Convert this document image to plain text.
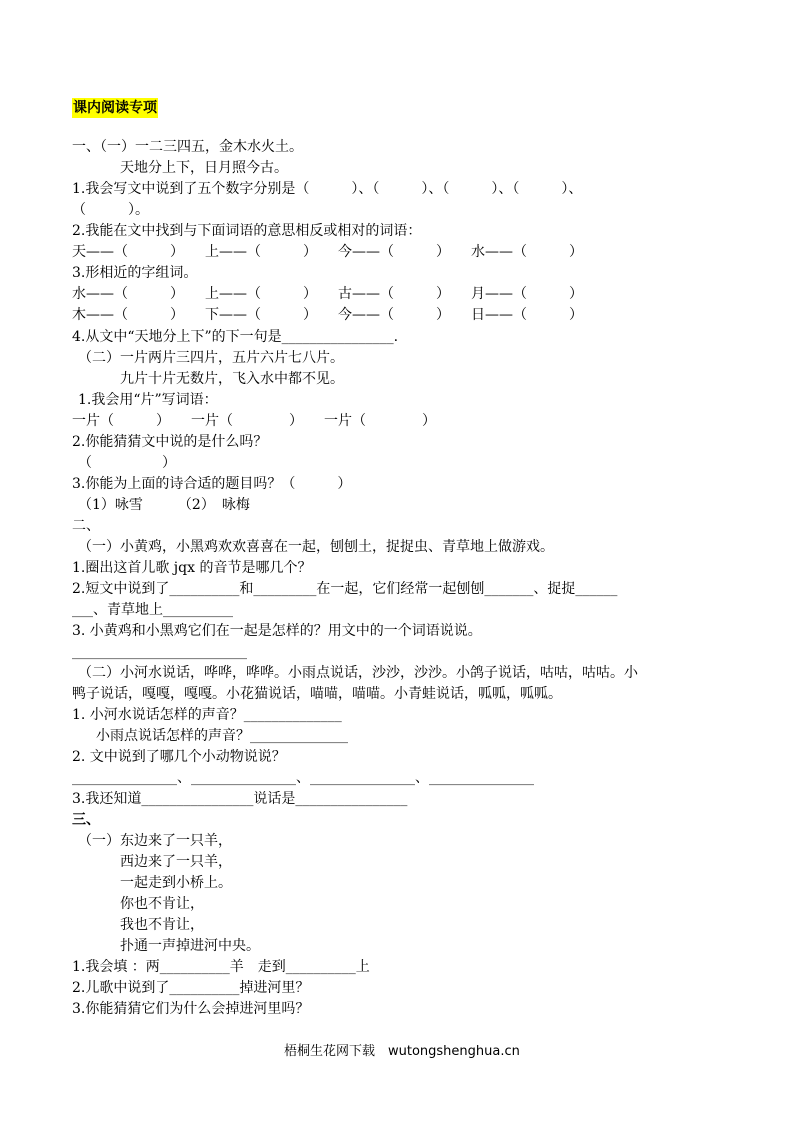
课内阅读专项
一、（一）一二三四五，金木水火土。
天地分上下，日月照今古。
1.我会写文中说到了五个数字分别是（　　　）、（　　　）、（　　　）、（　　　）、
（　　　）。
2.我能在文中找到与下面词语的意思相反或相对的词语：
天——（　　　）　　上——（　　　）　　今——（　　　）　　水——（　　　）
3.形相近的字组词。
水——（　　　）　　上——（　　　）　　古——（　　　）　　月——（　　　）
木——（　　　）　　下——（　　　）　　今——（　　　）　　日——（　　　）
4.从文中“天地分上下”的下一句是________________.
（二）一片两片三四片，五片六片七八片。
九片十片无数片，飞入水中都不见。
1.我会用“片”写词语：
一片（　　　）　　一片（　　　　）　　一片（　　　　）
2.你能猜猜文中说的是什么吗？
（　　　　　）
3.你能为上面的诗合适的题目吗？（　　　）
（1）咏雪　　　（2）　咏梅
二、
（一）小黄鸡，小黑鸡欢欢喜喜在一起，刨刨土，捉捉虫、青草地上做游戏。
1.圈出这首儿歌 jqx 的音节是哪几个？
2.短文中说到了__________和_________在一起，它们经常一起刨刨_______、捉捉______
___、青草地上__________
3. 小黄鸡和小黑鸡它们在一起是怎样的？用文中的一个词语说说。
_________________________
（二）小河水说话，哗哗，哗哗。小雨点说话，沙沙，沙沙。小鸽子说话，咕咕，咕咕。小
鸭子说话，嘎嘎，嘎嘎。小花猫说话，喵喵，喵喵。小青蛙说话，呱呱，呱呱。
1. 小河水说话怎样的声音？______________
小雨点说话怎样的声音？______________
2. 文中说到了哪几个小动物说说？
_______________、_______________、_______________、_______________
3.我还知道________________说话是________________
三、
（一）东边来了一只羊，
西边来了一只羊，
一起走到小桥上。
你也不肯让，
我也不肯让，
扑通一声掉进河中央。
1.我会填 ：两__________羊　走到__________上
2.儿歌中说到了__________掉进河里？
3.你能猜猜它们为什么会掉进河里吗？
梧桐生花网下载　wutongshenghua.cn
